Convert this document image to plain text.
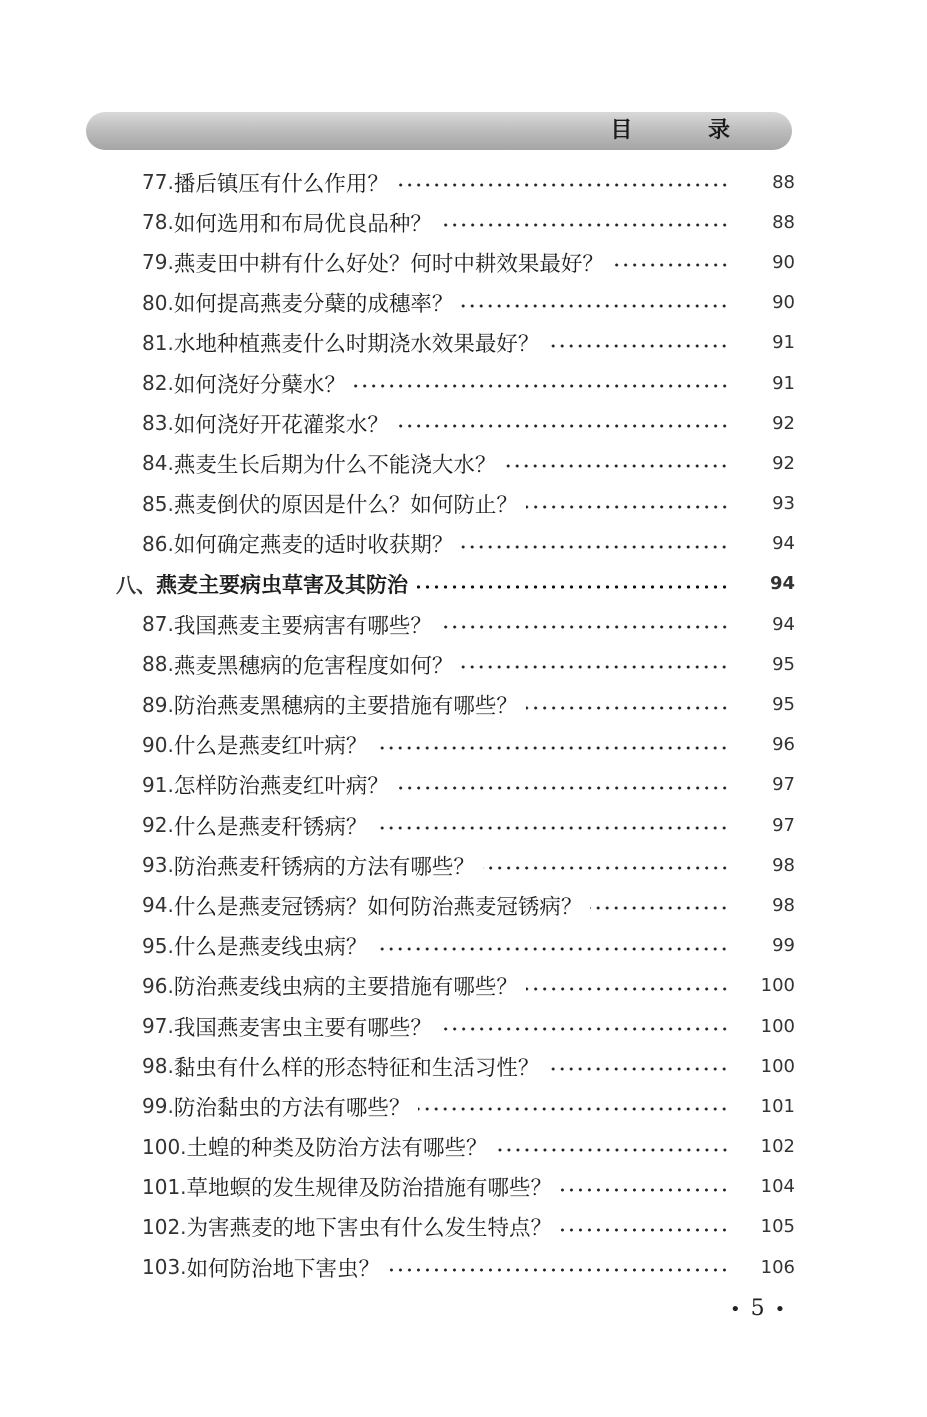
目 录
77. 播后镇压有什么作用？	88
78. 如何选用和布局优良品种？	88
79. 燕麦田中耕有什么好处？何时中耕效果最好？	90
80. 如何提高燕麦分蘖的成穗率？	90
81. 水地种植燕麦什么时期浇水效果最好？	91
82. 如何浇好分蘖水？	91
83. 如何浇好开花灌浆水？	92
84. 燕麦生长后期为什么不能浇大水？	92
85. 燕麦倒伏的原因是什么？如何防止？	93
86. 如何确定燕麦的适时收获期？	94
八、 燕麦主要病虫草害及其防治	94
87. 我国燕麦主要病害有哪些？	94
88. 燕麦黑穗病的危害程度如何？	95
89. 防治燕麦黑穗病的主要措施有哪些？	95
90. 什么是燕麦红叶病？	96
91. 怎样防治燕麦红叶病？	97
92. 什么是燕麦秆锈病？	97
93. 防治燕麦秆锈病的方法有哪些？	98
94. 什么是燕麦冠锈病？如何防治燕麦冠锈病？	98
95. 什么是燕麦线虫病？	99
96. 防治燕麦线虫病的主要措施有哪些？	100
97. 我国燕麦害虫主要有哪些？	100
98. 黏虫有什么样的形态特征和生活习性？	100
99. 防治黏虫的方法有哪些？	101
100. 土蝗的种类及防治方法有哪些？	102
101. 草地螟的发生规律及防治措施有哪些？	104
102. 为害燕麦的地下害虫有什么发生特点？	105
103. 如何防治地下害虫？	106
• 5 •
